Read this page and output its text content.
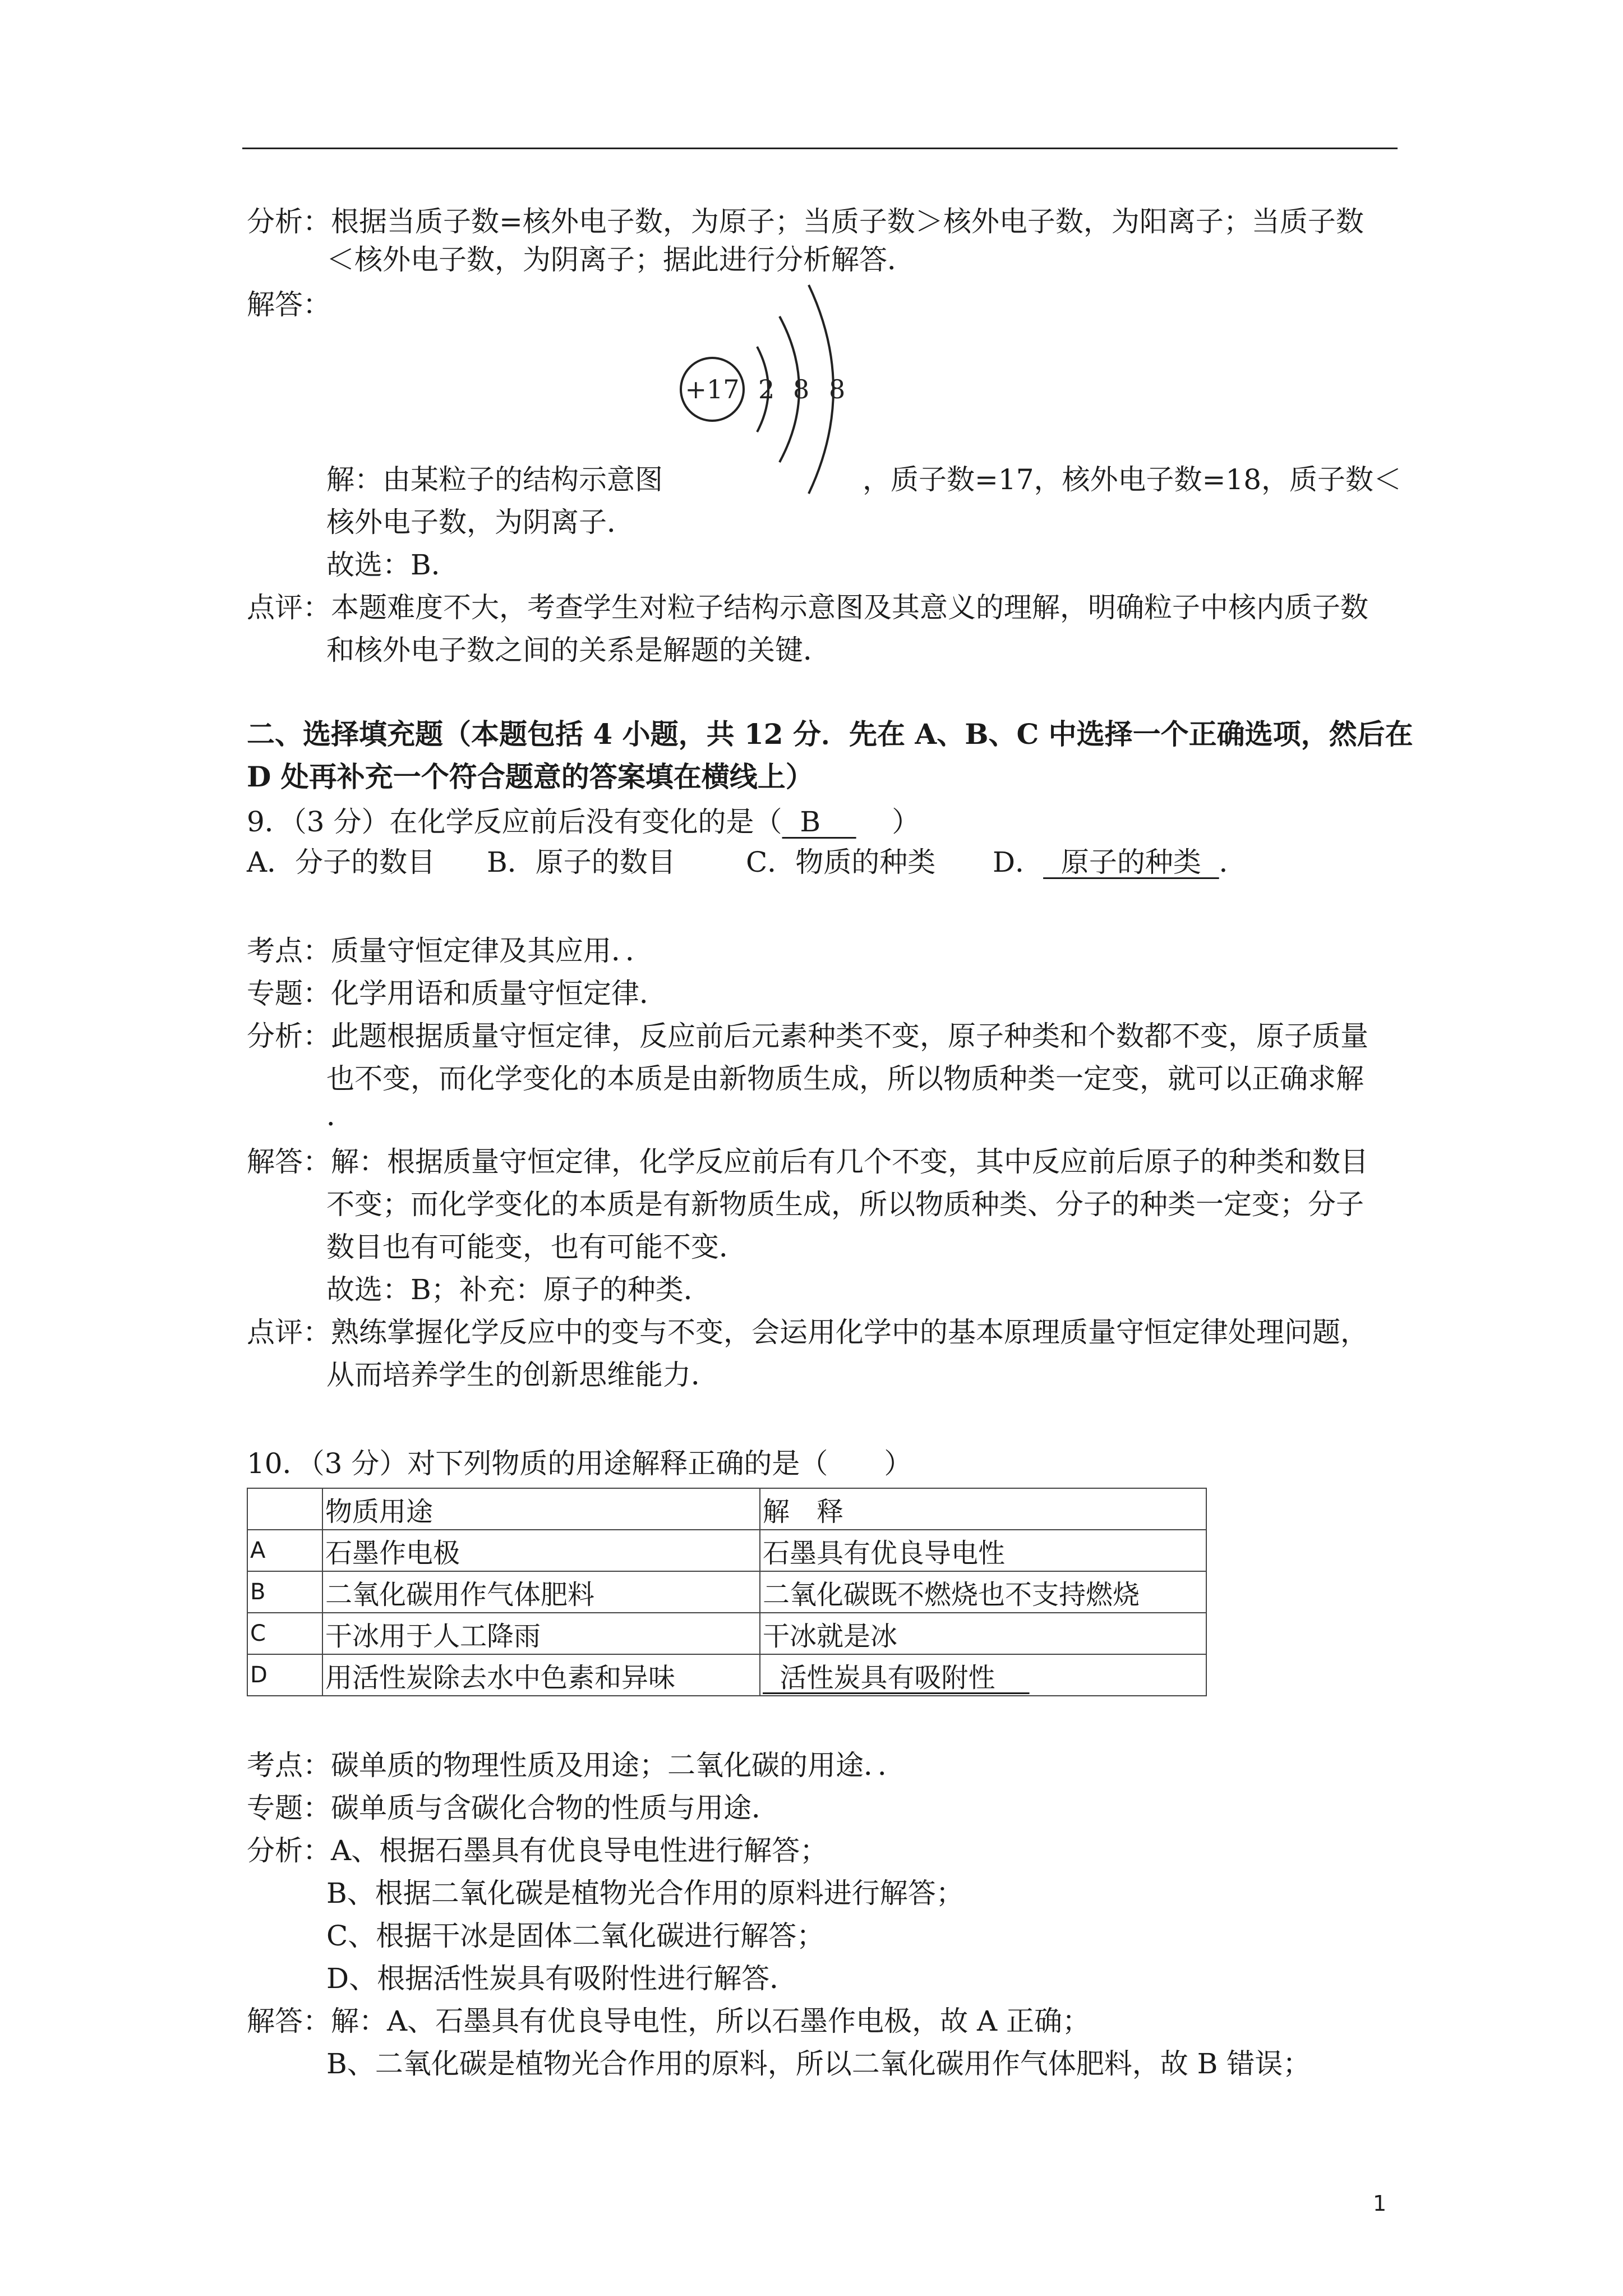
分析：根据当质子数=核外电子数，为原子；当质子数＞核外电子数，为阳离子；当质子数
＜核外电子数，为阴离子；据此进行分析解答．
解答：
+17 2 8 8
解：由某粒子的结构示意图	，质子数=17，核外电子数=18，质子数＜
核外电子数，为阴离子．
故选：B．
点评：本题难度不大，考查学生对粒子结构示意图及其意义的理解，明确粒子中核内质子数
和核外电子数之间的关系是解题的关键．
二、选择填充题（本题包括 4 小题，共 12 分．先在 A、B、C 中选择一个正确选项，然后在
D 处再补充一个符合题意的答案填在横线上）
9．（3 分）在化学反应前后没有变化的是（  B        ）
A．分子的数目 B．原子的数目	C．物质的种类 D．  原子的种类  ．
考点：质量守恒定律及其应用．．
专题：化学用语和质量守恒定律．
分析：此题根据质量守恒定律，反应前后元素种类不变，原子种类和个数都不变，原子质量
也不变，而化学变化的本质是由新物质生成，所以物质种类一定变，就可以正确求解
．
解答：解：根据质量守恒定律，化学反应前后有几个不变，其中反应前后原子的种类和数目
不变；而化学变化的本质是有新物质生成，所以物质种类、分子的种类一定变；分子
数目也有可能变，也有可能不变．
故选：B；补充：原子的种类．
点评：熟练掌握化学反应中的变与不变，会运用化学中的基本原理质量守恒定律处理问题，
从而培养学生的创新思维能力．
10．（3 分）对下列物质的用途解释正确的是（　　）
	物质用途	解　释
A	石墨作电极	石墨具有优良导电性
B	二氧化碳用作气体肥料	二氧化碳既不燃烧也不支持燃烧
C	干冰用于人工降雨	干冰就是冰
D	用活性炭除去水中色素和异味	活性炭具有吸附性
考点：碳单质的物理性质及用途；二氧化碳的用途．．
专题：碳单质与含碳化合物的性质与用途．
分析：A、根据石墨具有优良导电性进行解答；
B、根据二氧化碳是植物光合作用的原料进行解答；
C、根据干冰是固体二氧化碳进行解答；
D、根据活性炭具有吸附性进行解答．
解答：解：A、石墨具有优良导电性，所以石墨作电极，故 A 正确；
B、二氧化碳是植物光合作用的原料，所以二氧化碳用作气体肥料，故 B 错误；
1
